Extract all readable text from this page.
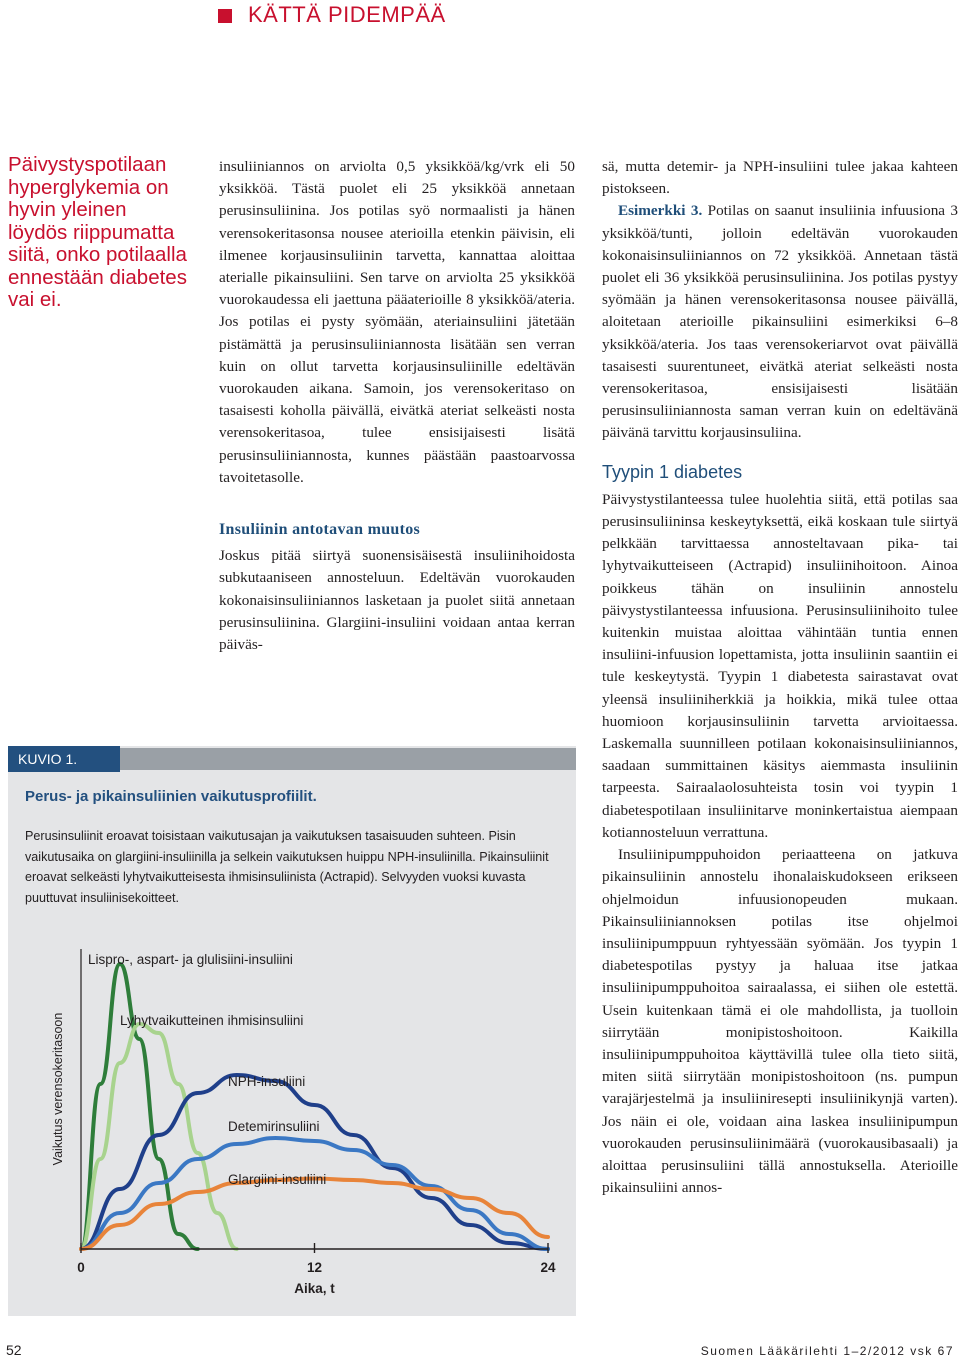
KÄTTÄ PIDEMPÄÄ
Päivystyspotilaan hyperglykemia on hyvin yleinen löydös riippumatta siitä, onko potilaalla ennestään diabetes vai ei.

insuliiniannos on arviolta 0,5 yksikköä/kg/vrk eli 50 yksikköä. Tästä puolet eli 25 yksikköä annetaan perusinsuliinina. Jos potilas syö normaalisti ja hänen verensokeritasonsa nousee aterioilla etenkin päivisin, eli ilmenee korjausinsuliinin tarvetta, kannattaa aloittaa aterialle pikainsuliini. Sen tarve on arviolta 25 yksikköä vuorokaudessa eli jaettuna pääaterioille 8 yksikköä/ateria. Jos potilas ei pysty syömään, ateriainsuliini jätetään pistämättä ja perusinsuliiniannosta lisätään sen verran kuin on ollut tarvetta korjausinsuliinille edeltävän vuorokauden aikana. Samoin, jos verensokeritaso on tasaisesti koholla päivällä, eivätkä ateriat selkeästi nosta verensokeritasoa, tulee ensisijaisesti lisätä perusinsuliiniannosta, kunnes päästään paastoarvossa tavoitetasolle.

Insuliinin antotavan muutos

Joskus pitää siirtyä suonensisäisestä insuliinihoidosta subkutaaniseen annosteluun. Edeltävän vuorokauden kokonaisinsuliiniannos lasketaan ja puolet siitä annetaan perusinsuliinina. Glargiini-insuliini voidaan antaa kerran päiväs-

sä, mutta detemir- ja NPH-insuliini tulee jakaa kahteen pistokseen.

Esimerkki 3. Potilas on saanut insuliinia infuusiona 3 yksikköä/tunti, jolloin edeltävän vuorokauden kokonaisinsuliiniannos on 72 yksikköä. Annetaan tästä puolet eli 36 yksikköä perusinsuliinina. Jos potilas pystyy syömään ja hänen verensokeritasonsa nousee päivällä, aloitetaan aterioille pikainsuliini esimerkiksi 6–8 yksikköä/ateria. Jos taas verensokeriarvot ovat päivällä tasaisesti suurentuneet, eivätkä ateriat selkeästi nosta verensokeritasoa, ensisijaisesti lisätään perusinsuliiniannosta saman verran kuin on edeltävänä päivänä tarvittu korjausinsuliina.

Tyypin 1 diabetes

Päivystystilanteessa tulee huolehtia siitä, että potilas saa perusinsuliininsa keskeytyksettä, eikä koskaan tule siirtyä pelkkään tarvittaessa annosteltavaan pika- tai lyhytvaikutteiseen (Actrapid) insuliinihoitoon. Ainoa poikkeus tähän on insuliinin annostelu päivystystilanteessa infuusiona. Perusinsuliinihoito tulee kuitenkin muistaa aloittaa vähintään tuntia ennen insuliini-infuusion lopettamista, jotta insuliinin saantiin ei tule keskeytystä. Tyypin 1 diabetesta sairastavat ovat yleensä insuliiniherkkiä ja hoikkia, mikä tulee ottaa huomioon korjausinsuliinin tarvetta arvioitaessa. Laskemalla suunnilleen potilaan kokonaisinsuliiniannos, saadaan summittainen käsitys aiemmasta insuliinin tarpeesta. Sairaalaolosuhteista tosin voi tyypin 1 diabetespotilaan insuliinitarve moninkertaistua aiempaan kotiannosteluun verrattuna.

Insuliinipumppuhoidon periaatteena on jatkuva pikainsuliinin annostelu ihonalaiskudokseen erikseen ohjelmoidun infuusionopeuden mukaan. Pikainsuliiniannoksen potilas itse ohjelmoi insuliinipumppuun ryhtyessään syömään. Jos tyypin 1 diabetespotilas pystyy ja haluaa itse jatkaa insuliinipumppuhoitoa sairaalassa, ei siihen ole estettä. Usein kuitenkaan tämä ei ole mahdollista, ja tuolloin siirrytään monipistoshoitoon. Kaikilla insuliinipumppuhoitoa käyttävillä tulee olla tieto siitä, miten siitä siirrytään monipistoshoitoon (ns. pumpun varajärjestelmä ja insuliiniresepti insuliinikynjä varten). Jos näin ei ole, voidaan aina laskea insuliinipumpun vuorokauden perusinsuliinimäärä (vuorokausibasaali) ja aloittaa perusinsuliini tällä annostuksella. Aterioille pikainsuliini annos-

KUVIO 1.
Perus- ja pikainsuliinien vaikutusprofiilit.
Perusinsuliinit eroavat toisistaan vaikutusajan ja vaikutuksen tasaisuuden suhteen. Pisin vaikutusaika on glargiini-insuliinilla ja selkein vaikutuksen huippu NPH-insuliinilla. Pikainsuliinit eroavat selkeästi lyhytvaikutteisesta ihmisinsuliinista (Actrapid). Selvyyden vuoksi kuvasta puuttuvat insuliinisekoitteet.
Lispro-, aspart- ja glulisiini-insuliini
Lyhytvaikutteinen ihmisinsuliini
NPH-insuliini
Detemirinsuliini
Glargiini-insuliini
0	12	24
Aika, t
Vaikutus verensokeritasoon
52	Suomen Lääkärilehti 1–2/2012 vsk 67
